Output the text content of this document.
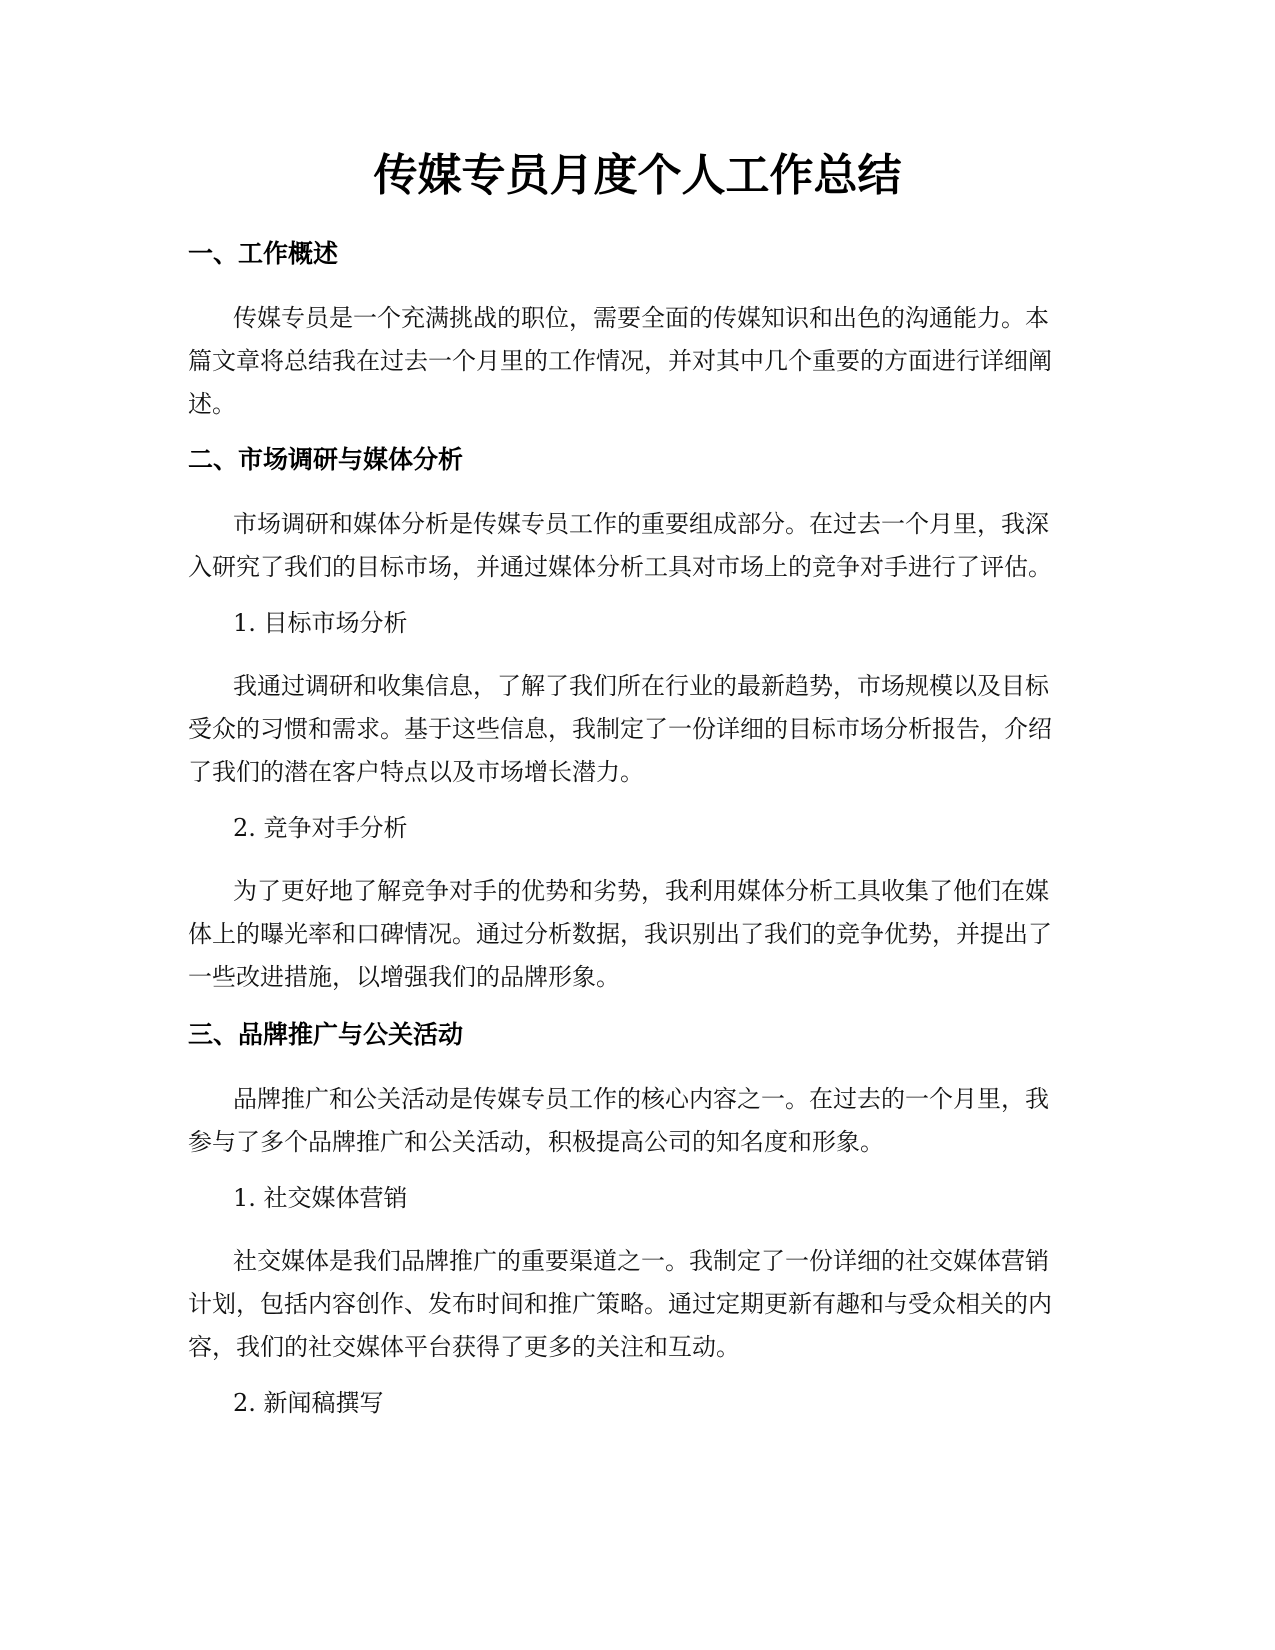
传媒专员月度个人工作总结
一、工作概述
传媒专员是一个充满挑战的职位，需要全面的传媒知识和出色的沟通能力。本
篇文章将总结我在过去一个月里的工作情况，并对其中几个重要的方面进行详细阐
述。
二、市场调研与媒体分析
市场调研和媒体分析是传媒专员工作的重要组成部分。在过去一个月里，我深
入研究了我们的目标市场，并通过媒体分析工具对市场上的竞争对手进行了评估。
1. 目标市场分析
我通过调研和收集信息，了解了我们所在行业的最新趋势，市场规模以及目标
受众的习惯和需求。基于这些信息，我制定了一份详细的目标市场分析报告，介绍
了我们的潜在客户特点以及市场增长潜力。
2. 竞争对手分析
为了更好地了解竞争对手的优势和劣势，我利用媒体分析工具收集了他们在媒
体上的曝光率和口碑情况。通过分析数据，我识别出了我们的竞争优势，并提出了
一些改进措施，以增强我们的品牌形象。
三、品牌推广与公关活动
品牌推广和公关活动是传媒专员工作的核心内容之一。在过去的一个月里，我
参与了多个品牌推广和公关活动，积极提高公司的知名度和形象。
1. 社交媒体营销
社交媒体是我们品牌推广的重要渠道之一。我制定了一份详细的社交媒体营销
计划，包括内容创作、发布时间和推广策略。通过定期更新有趣和与受众相关的内
容，我们的社交媒体平台获得了更多的关注和互动。
2. 新闻稿撰写
